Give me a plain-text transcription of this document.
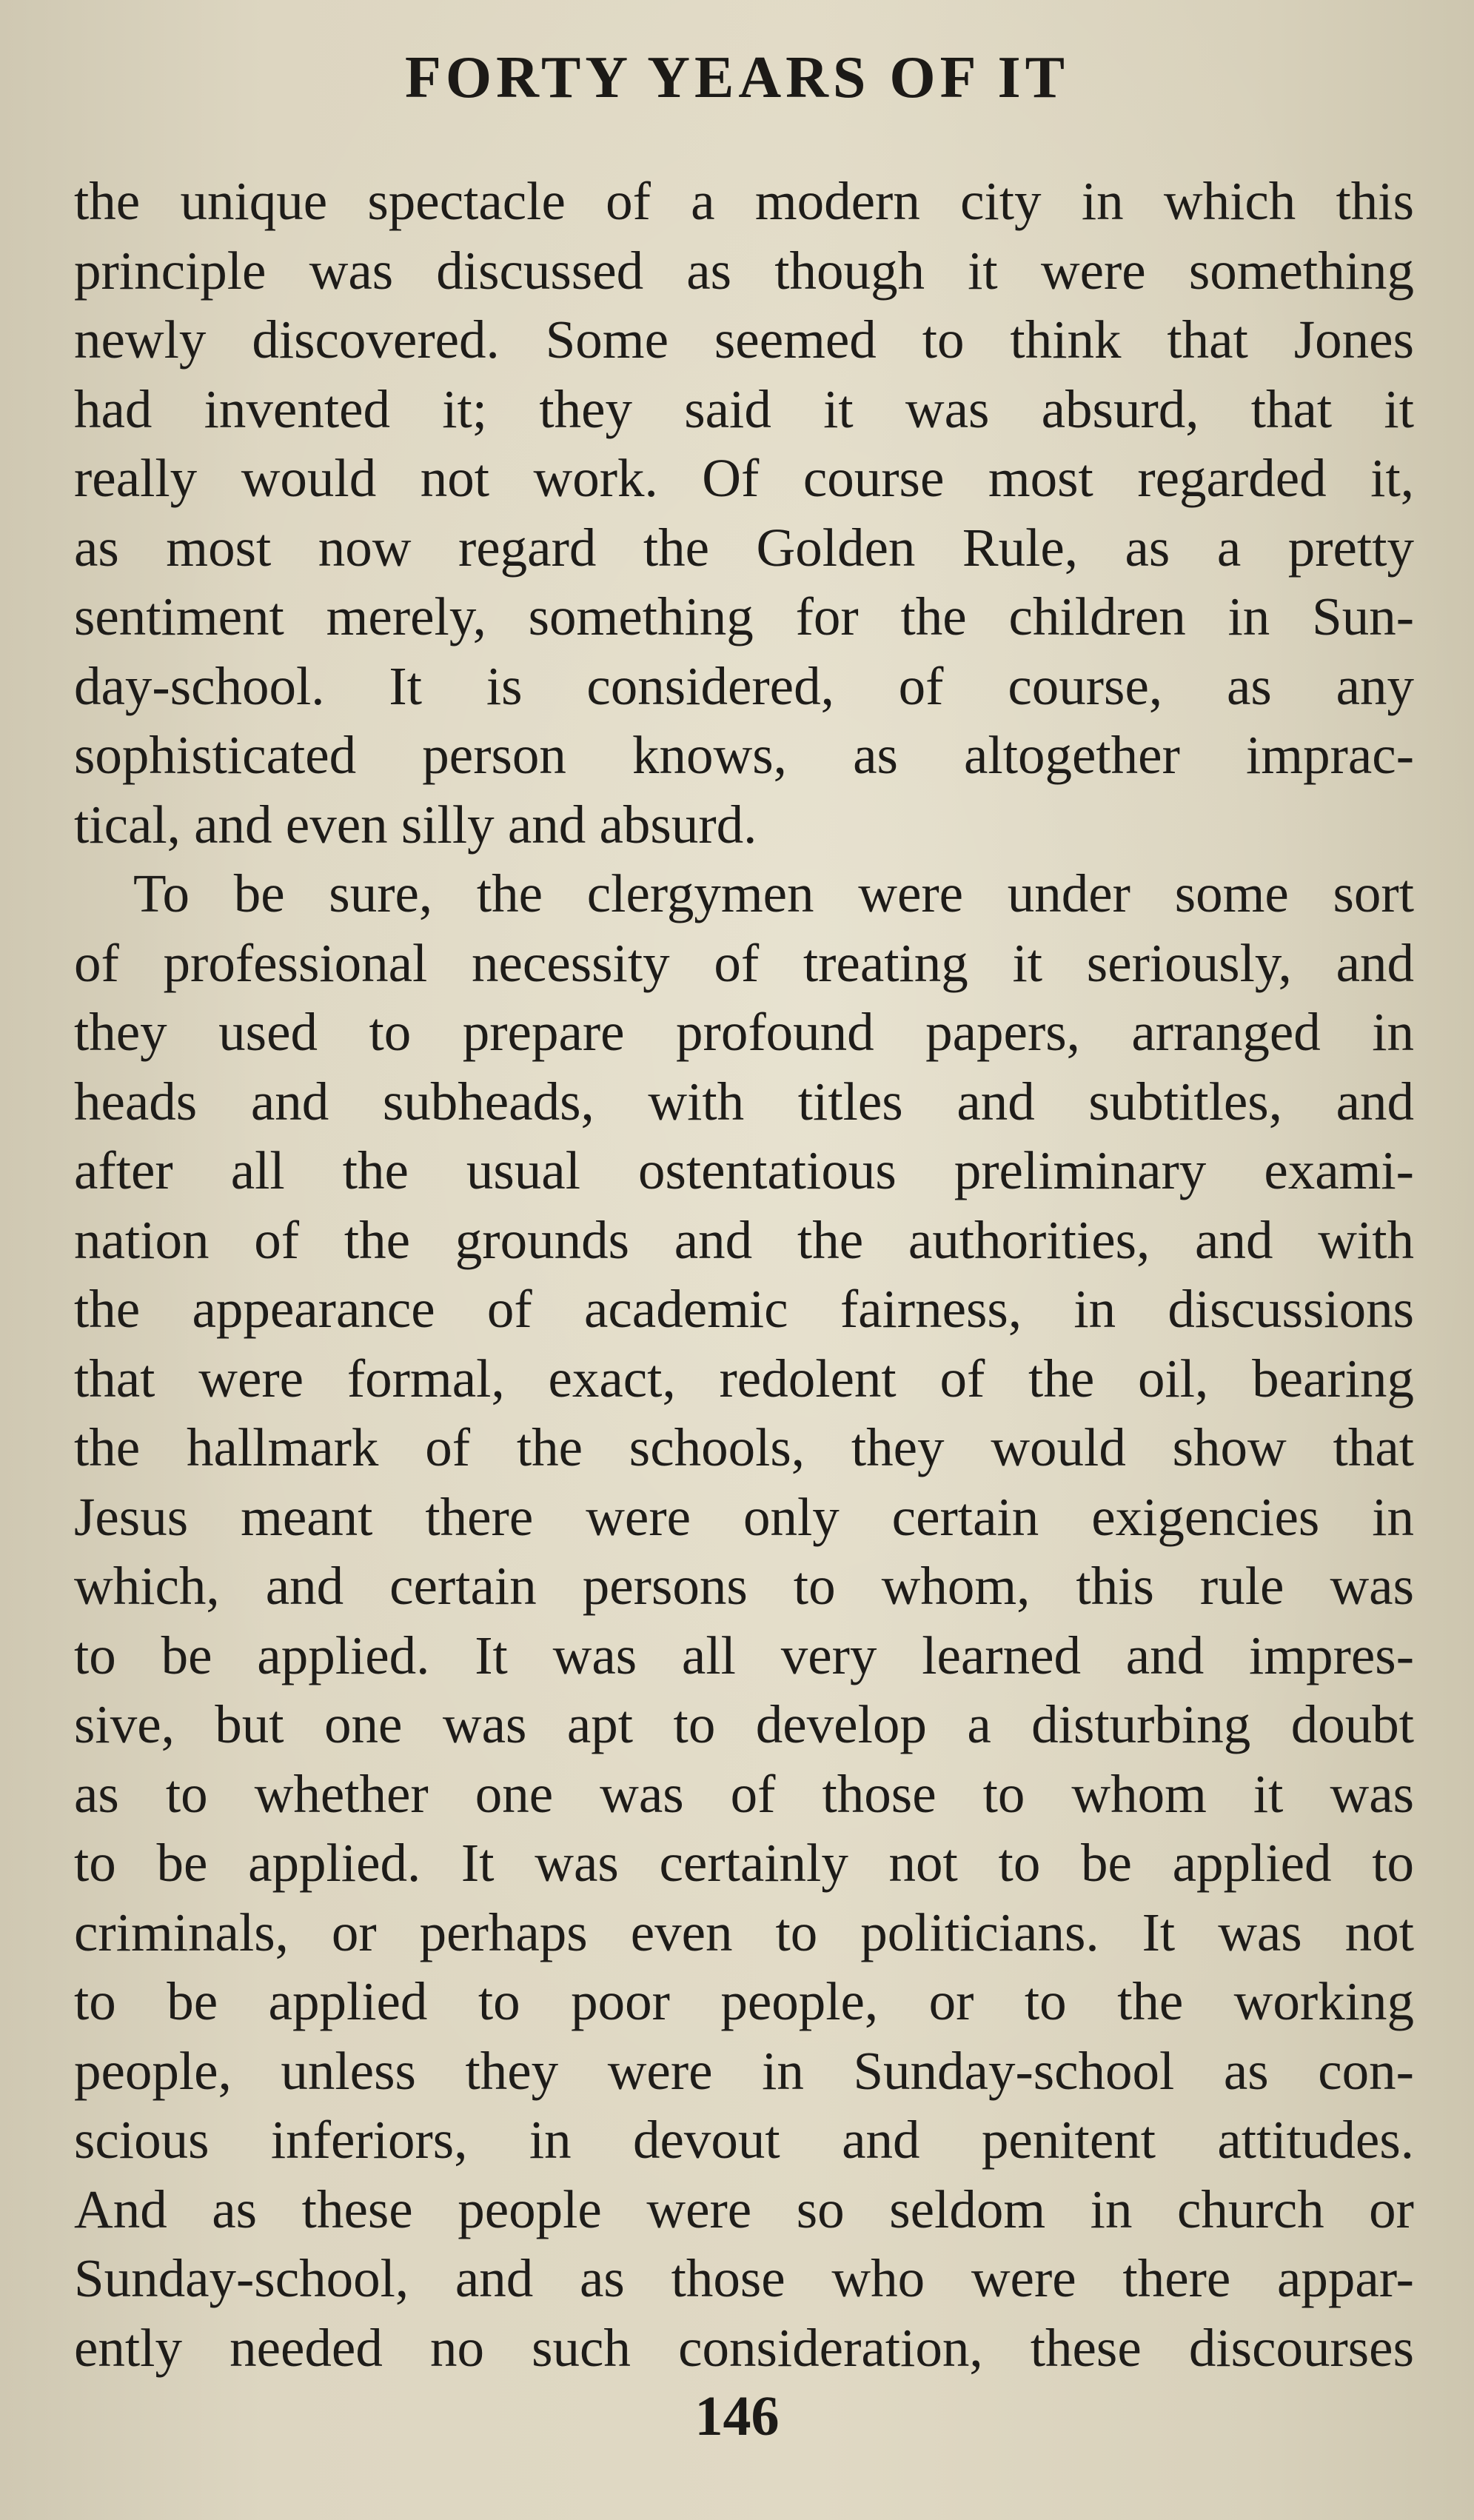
FORTY YEARS OF IT
the unique spectacle of a modern city in which this
principle was discussed as though it were something
newly discovered. Some seemed to think that Jones
had invented it; they said it was absurd, that it
really would not work. Of course most regarded it,
as most now regard the Golden Rule, as a pretty
sentiment merely, something for the children in Sun-
day-school. It is considered, of course, as any
sophisticated person knows, as altogether imprac-
tical, and even silly and absurd.
To be sure, the clergymen were under some sort
of professional necessity of treating it seriously, and
they used to prepare profound papers, arranged in
heads and subheads, with titles and subtitles, and
after all the usual ostentatious preliminary exami-
nation of the grounds and the authorities, and with
the appearance of academic fairness, in discussions
that were formal, exact, redolent of the oil, bearing
the hallmark of the schools, they would show that
Jesus meant there were only certain exigencies in
which, and certain persons to whom, this rule was
to be applied. It was all very learned and impres-
sive, but one was apt to develop a disturbing doubt
as to whether one was of those to whom it was
to be applied. It was certainly not to be applied to
criminals, or perhaps even to politicians. It was not
to be applied to poor people, or to the working
people, unless they were in Sunday-school as con-
scious inferiors, in devout and penitent attitudes.
And as these people were so seldom in church or
Sunday-school, and as those who were there appar-
ently needed no such consideration, these discourses
146
